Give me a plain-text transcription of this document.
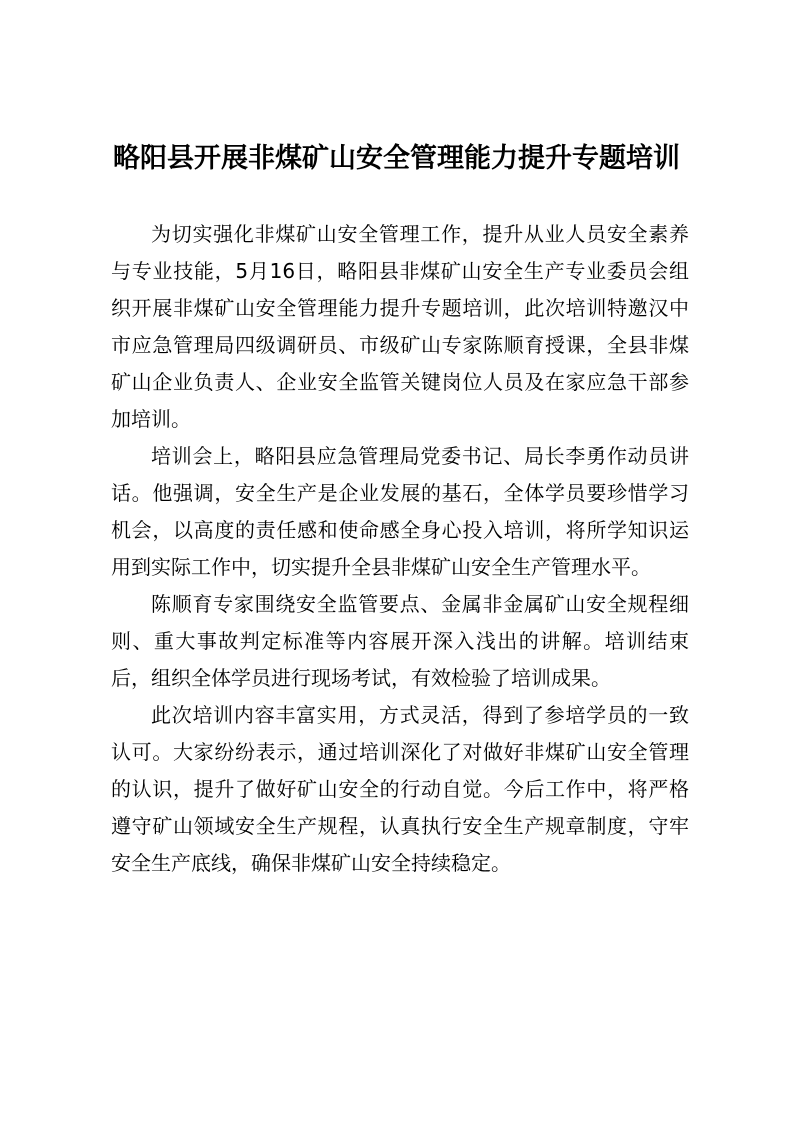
略阳县开展非煤矿山安全管理能力提升专题培训

为切实强化非煤矿山安全管理工作，提升从业人员安全素养与专业技能，5月16日，略阳县非煤矿山安全生产专业委员会组织开展非煤矿山安全管理能力提升专题培训，此次培训特邀汉中市应急管理局四级调研员、市级矿山专家陈顺育授课，全县非煤矿山企业负责人、企业安全监管关键岗位人员及在家应急干部参加培训。

培训会上，略阳县应急管理局党委书记、局长李勇作动员讲话。他强调，安全生产是企业发展的基石，全体学员要珍惜学习机会，以高度的责任感和使命感全身心投入培训，将所学知识运用到实际工作中，切实提升全县非煤矿山安全生产管理水平。

陈顺育专家围绕安全监管要点、金属非金属矿山安全规程细则、重大事故判定标准等内容展开深入浅出的讲解。培训结束后，组织全体学员进行现场考试，有效检验了培训成果。

此次培训内容丰富实用，方式灵活，得到了参培学员的一致认可。大家纷纷表示，通过培训深化了对做好非煤矿山安全管理的认识，提升了做好矿山安全的行动自觉。今后工作中，将严格遵守矿山领域安全生产规程，认真执行安全生产规章制度，守牢安全生产底线，确保非煤矿山安全持续稳定。
